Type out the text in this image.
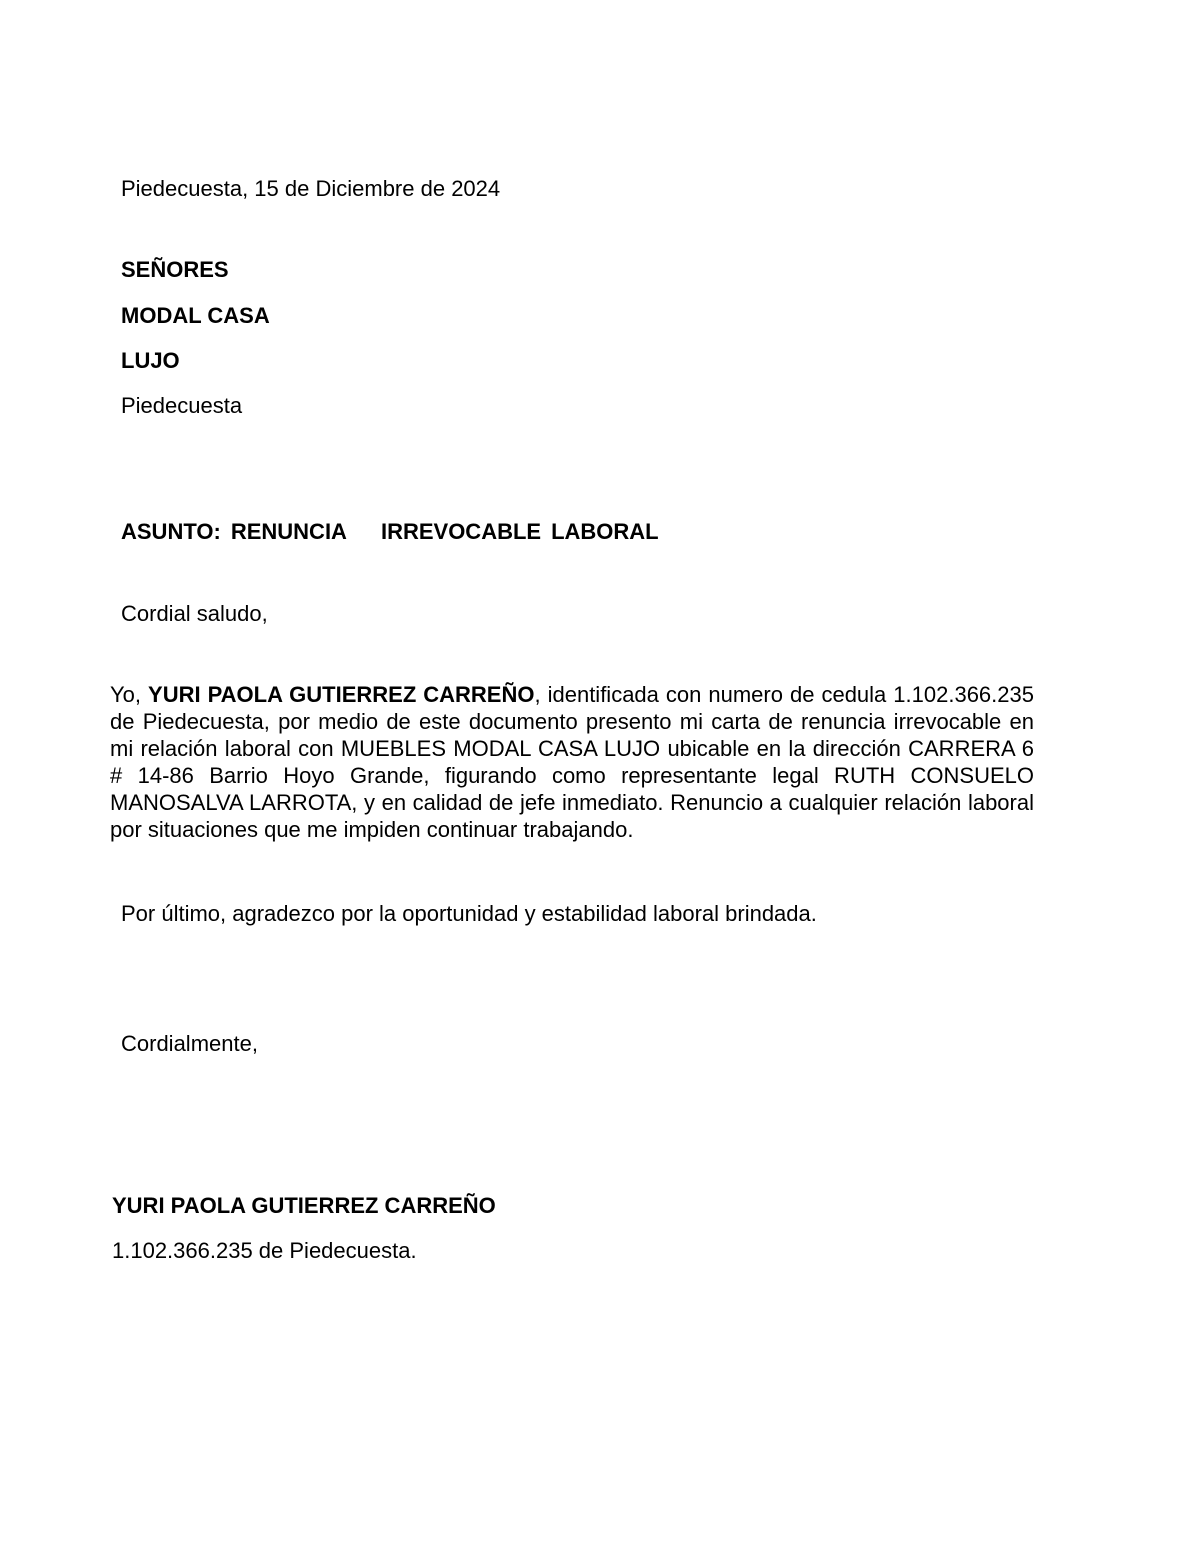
Piedecuesta, 15 de Diciembre de 2024
SEÑORES
MODAL CASA
LUJO
Piedecuesta
ASUNTO: RENUNCIA IRREVOCABLE LABORAL
Cordial saludo,
Yo, YURI PAOLA GUTIERREZ CARREÑO, identificada con numero de cedula 1.102.366.235 de Piedecuesta, por medio de este documento presento mi carta de renuncia irrevocable en mi relación laboral con MUEBLES MODAL CASA LUJO ubicable en la dirección CARRERA 6 # 14-86 Barrio Hoyo Grande, figurando como representante legal RUTH CONSUELO MANOSALVA LARROTA, y en calidad de jefe inmediato. Renuncio a cualquier relación laboral por situaciones que me impiden continuar trabajando.
Por último, agradezco por la oportunidad y estabilidad laboral brindada.
Cordialmente,
YURI PAOLA GUTIERREZ CARREÑO
1.102.366.235 de Piedecuesta.
